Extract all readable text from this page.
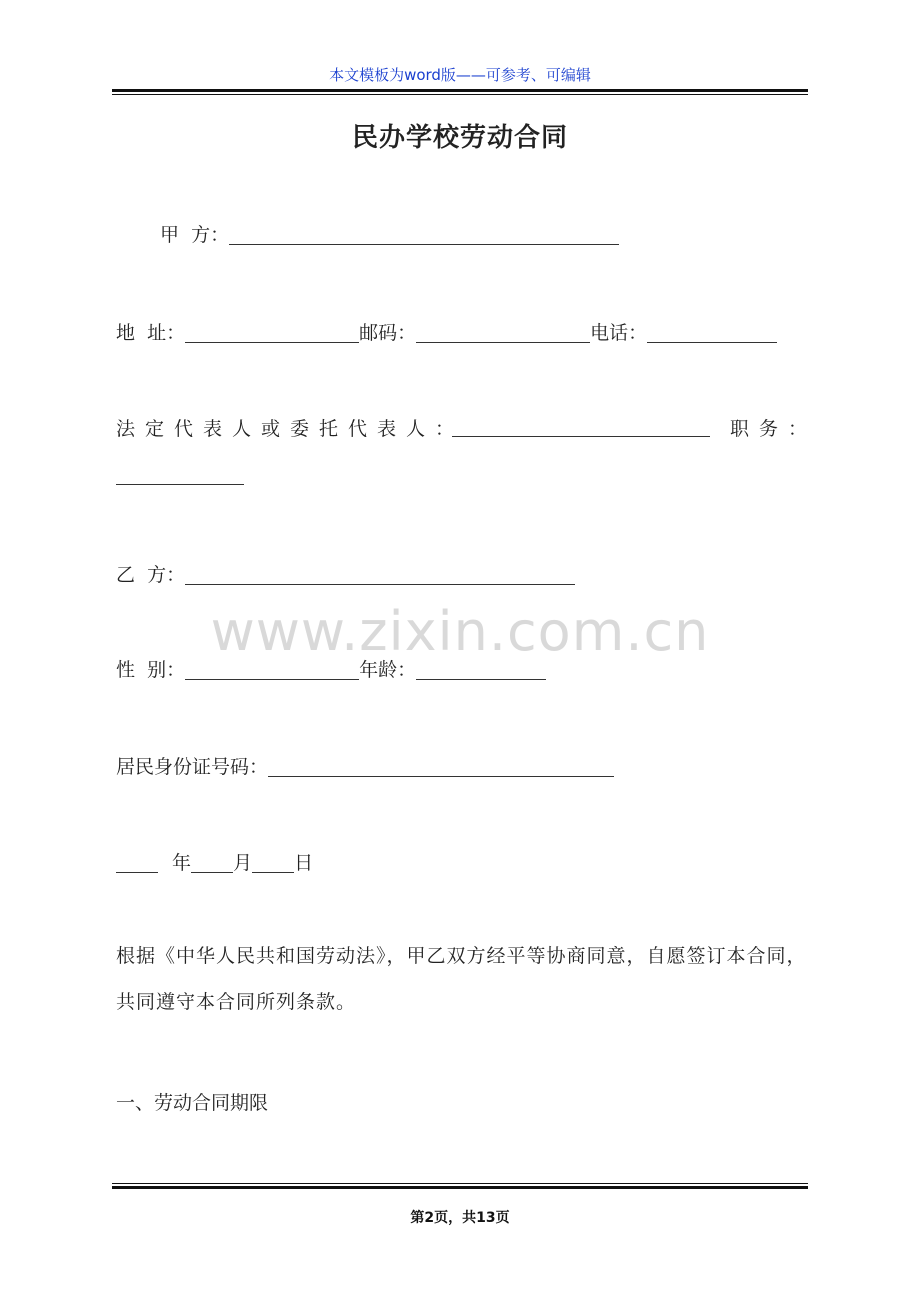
本文模板为word版——可参考、可编辑
民办学校劳动合同
甲  方：
地  址：	邮码：	电话：
法定代表人或委托代表人：	职务：
乙  方：
www.zixin.com.cn
性  别：	年龄：
居民身份证号码：
年 月 日
根据《中华人民共和国劳动法》，甲乙双方经平等协商同意，自愿签订本合同，共同遵守本合同所列条款。
一、劳动合同期限
第2页，共13页
